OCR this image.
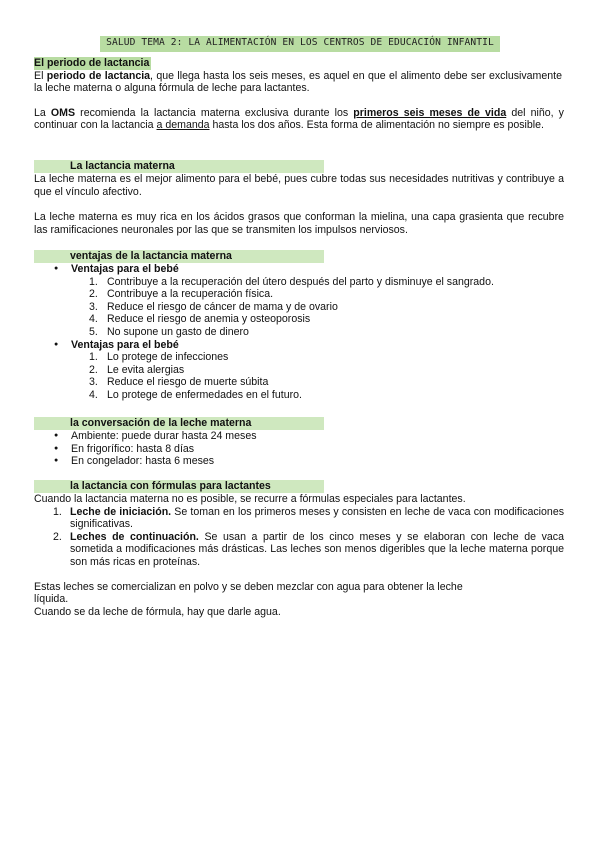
SALUD TEMA 2: LA ALIMENTACIÓN EN LOS CENTROS DE EDUCACIÓN INFANTIL
El periodo de lactancia

El periodo de lactancia, que llega hasta los seis meses, es aquel en que el alimento debe ser exclusivamente la leche materna o alguna fórmula de leche para lactantes.

La OMS recomienda la lactancia materna exclusiva durante los primeros seis meses de vida del niño, y continuar con la lactancia a demanda hasta los dos años. Esta forma de alimentación no siempre es posible.

La lactancia materna

La leche materna es el mejor alimento para el bebé, pues cubre todas sus necesidades nutritivas y contribuye a que el vínculo afectivo.

La leche materna es muy rica en los ácidos grasos que conforman la mielina, una capa grasienta que recubre las ramificaciones neuronales por las que se transmiten los impulsos nerviosos.

ventajas de la lactancia materna
● Ventajas para el bebé
1. Contribuye a la recuperación del útero después del parto y disminuye el sangrado.
2. Contribuye a la recuperación física.
3. Reduce el riesgo de cáncer de mama y de ovario
4. Reduce el riesgo de anemia y osteoporosis
5. No supone un gasto de dinero
● Ventajas para el bebé
1. Lo protege de infecciones
2. Le evita alergias
3. Reduce el riesgo de muerte súbita
4. Lo protege de enfermedades en el futuro.
la conversación de la leche materna
● Ambiente: puede durar hasta 24 meses
● En frigorífico: hasta 8 días
● En congelador: hasta 6 meses
la lactancia con fórmulas para lactantes

Cuando la lactancia materna no es posible, se recurre a fórmulas especiales para lactantes.

1. Leche de iniciación. Se toman en los primeros meses y consisten en leche de vaca con modificaciones significativas.
2. Leches de continuación. Se usan a partir de los cinco meses y se elaboran con leche de vaca sometida a modificaciones más drásticas. Las leches son menos digeribles que la leche materna porque son más ricas en proteínas.

Estas leches se comercializan en polvo y se deben mezclar con agua para obtener la leche líquida.

Cuando se da leche de fórmula, hay que darle agua.
